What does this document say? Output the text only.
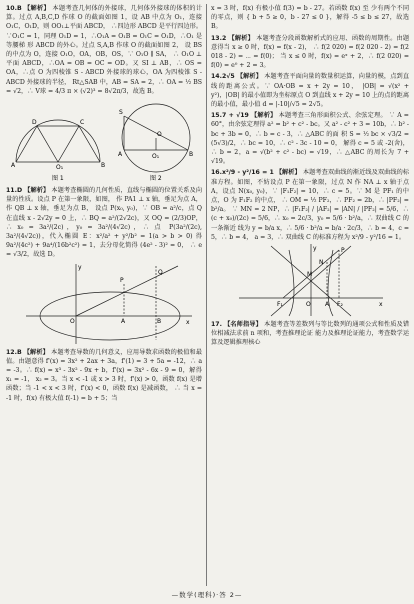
10.B 【解析】 本题考查几何体的外接球，几何体外接球的体积的计算。过点 A,B,C,D 作球 O 的截面如图 1，设 AB 中点为 O₁，连接 O₁C，O₁D，则 OO₁⊥平面 ABCD， ∴四边形 ABCD 是平行四边形。∵O₁C = 1，同理 O₁D = 1，∴O₁A = O₁B = O₁C = O₁D，∴O₁ 是等腰梯 形 ABCD 的外心。过点 S,A,B 作球 O 的截面如图 2， 设 BS 的中点为 O，连接 O₁O，OA，OB，OS，∵ O₁O ∥ SA， ∴ O₁O ⊥ 平面 ABCD，∴OA = OB = OC = OD。又 SI ⊥ AB，∴ OS = OA，∴点 O 为四棱锥 S - ABCD 外接球的球心，OA 为四棱锥 S - ABCD 外接球的半径， Rt△SAB 中，AB = SA = 2，∴ OA = ½ BS = √2，∴ V球 = 4/3 π × (√2)³ = 8√2π/3，故选 B。

A	B
D	C
O₁
图 1
S
A	B
O
O₁
图 2

11.D 【解析】 本题考查椭圆的几何性质，直线与椭圆的位置关系及向量的性质。设点 P 在第一象限，如图， 作 PA1 ⊥ x 轴，垂足为点 A，作 QB ⊥ x 轴，垂足为点 B， 设点 P(x₀, y₀)，∵ OB = a²/c，点 Q 在直线 x - 2√2y = 0 上，∴ BQ = a²/(2√2c)，又 OQ = (2/3)OP，∴ x₀ = 3a²/(2c)，y₀ = 3a²/(4√2c)，∴ 点 P(3a²/(2c), 3a²/(4√2c))，代入椭圆 E：x²/a² + y²/b² = 1(a > b > 0) 得 9a²/(4c²) + 9a⁴/(16b²c²) = 1，去分母化简得 (4e² - 3)² = 0， ∴ e = √3/2，故选 D。

x
y
O
Q
P
A	B

12.B 【解析】 本题考查导数的几何意义，应用导数求函数的极值和最值。由题意得 f'(x) = 3x² + 2ax + 3a，f'(1) = 3 + 5a = -12，∴ a = -3。∴ f(x) = x³ - 3x² - 9x + b，f'(x) = 3x² - 6x - 9 = 0，解得 x₁ = -1， x₂ = 3。当 x < -1 或 x > 3 时，f'(x) > 0，函数 f(x) 是增 函数；当 -1 < x < 3 时，f'(x) < 0，函数 f(x) 是减函数， ∴ 当 x = -1 时，f(x) 有极大值 f(-1) = b + 5；当

x = 3 时，f(x) 有极小值 f(3) = b - 27。若函数 f(x) 至 少有两个不同的零点，则 { b + 5 ≥ 0，b - 27 ≤ 0 }，解得 -5 ≤ b ≤ 27，故选 B。

13.2 【解析】 本题考查分段函数解析式的应用、函数的周期性。由题意得当 x ≥ 0 时，f(x) = f(x - 2)， ∴ f(2 020) = f(2 020 - 2) = f(2 018 - 2) = ⋯ = f(0)； 当 x ≤ 0 时，f(x) = eˣ + 2，∴ f(2 020) = f(0) = e⁰ + 2 = 3。

14.2√5 【解析】 本题考查平面向量的数量积运算，向量的模，点到直线的距离公式。∵ OA·OB = x + 2y = 10， |OB| = √(x² + y²)，|OB| 的最小值即为坐标原点 O 到直线 x + 2y = 10 上的点的距离的最小值，最小值 d = |-10|/√5 = 2√5。

15.7 + √19 【解析】 本题考查三角形面积公式、余弦定理。 ∵ A = 60°，由余弦定理得 a² = b² + c² - bc。又 a² - c² + 3 = 10b，∴ b² - bc + 3b = 0，∴ b = c - 3，∴ △ABC 的面 积 S = ½ bc × √3/2 = (5√3)/2，∴ bc = 10，∴ c² - 3c - 10 = 0， 解得 c = 5 或 -2(舍)，∴ b = 2，a = √(b² + c² - bc) = √19，∴ △ABC 的周长为 7 + √19。

16.x²/9 - y²/16 = 1 【解析】 本题考查双曲线的渐近线及双曲线的标准方程。如图，不妨设点 P 在第一象限，过点 N 作 NA ⊥ x 轴于点 A，设点 N(x₀, y₀)，∵ |F₁F₂| = 10，∴ c = 5。∵ M 是 PF₁ 的中点，O 为 F₁F₂ 的中点， ∴ OM = ½ PF₂，∴ PF₂ = 2b，∴ |PF₂| = b²/a。 ∵ MN = 2 NP，∴ |F₁F₂| / |AF₂| = |AN| / |PF₂| = 5/6，∴ (c + x₀)/(2c) = 5/6，∴ x₀ = 2c/3，y₀ = 5/6 · b²/a，∴ 双曲线 C 的一条渐近 线为 y = b/a x，∴ 5/6 · b²/a = b/a · 2c/3，∴ b = 4，c = 5，∴ b = 4， a = 3，∴ 双曲线 C 的标准方程为 x²/9 - y²/16 = 1。

x
y
O
F₁	F₂
P
N
M
A

17. 【名师指导】 本题考查等差数列与等比数列的通项公式和性质及错位相减法求前 n 项和，考查推理论证 能力及推理论证能力，考查数学运算及逻辑推理核心

—数学(理科)·答 2—
